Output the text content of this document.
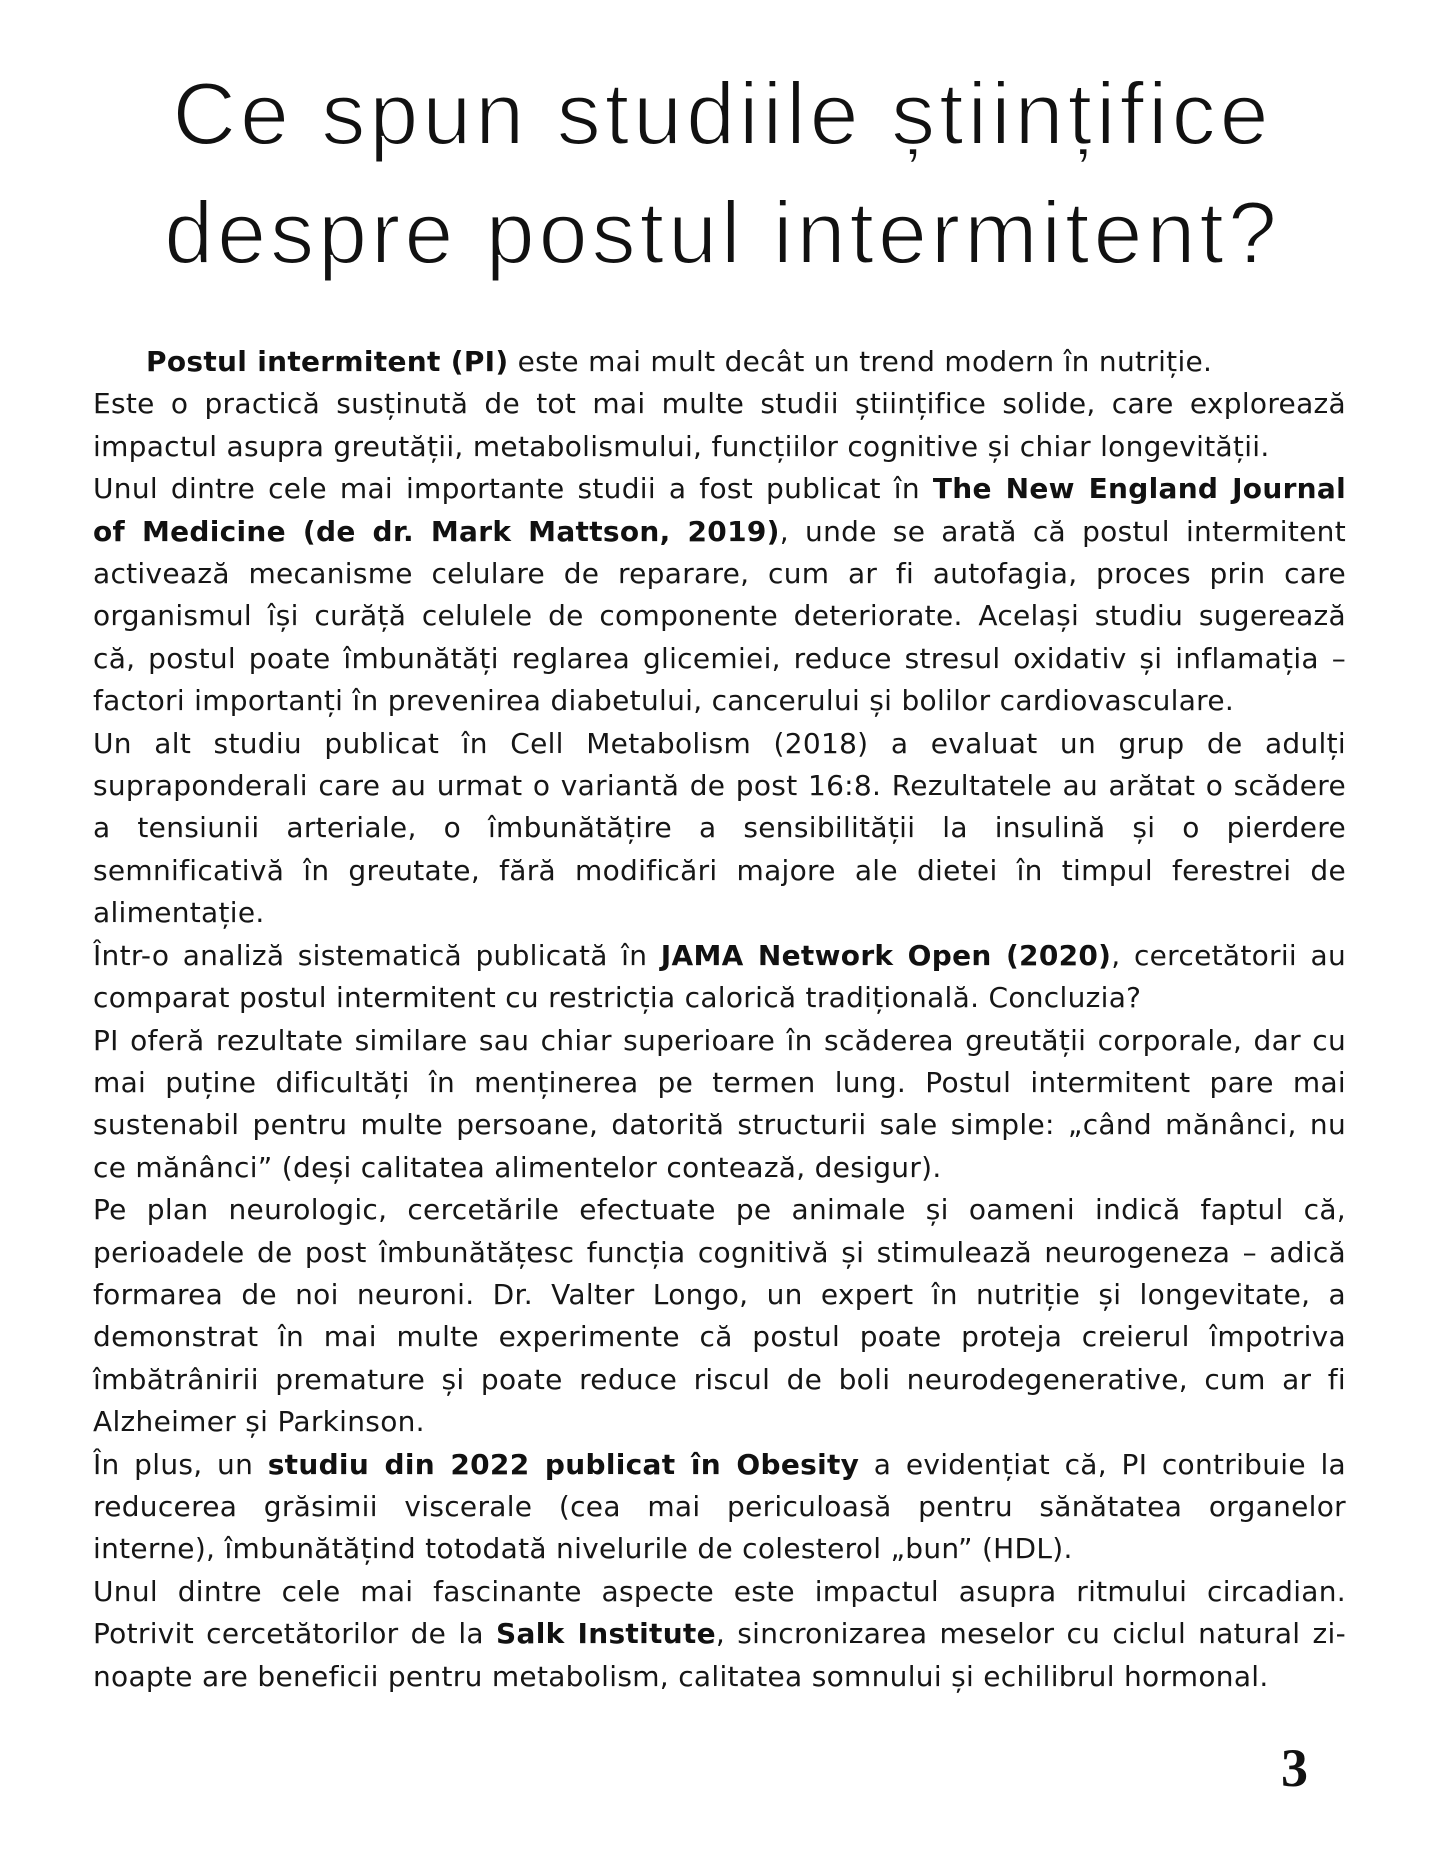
Ce spun studiile științifice
despre postul intermitent?
Postul intermitent (PI) este mai mult decât un trend modern în nutriție.
Este o practică susținută de tot mai multe studii științifice solide, care explorează
impactul asupra greutății, metabolismului, funcțiilor cognitive și chiar longevității.
Unul dintre cele mai importante studii a fost publicat în The New England Journal
of Medicine (de dr. Mark Mattson, 2019), unde se arată că postul intermitent
activează mecanisme celulare de reparare, cum ar fi autofagia, proces prin care
organismul își curăță celulele de componente deteriorate. Același studiu sugerează
că, postul poate îmbunătăți reglarea glicemiei, reduce stresul oxidativ și inflamația –
factori importanți în prevenirea diabetului, cancerului și bolilor cardiovasculare.
Un alt studiu publicat în Cell Metabolism (2018) a evaluat un grup de adulți
supraponderali care au urmat o variantă de post 16:8. Rezultatele au arătat o scădere
a tensiunii arteriale, o îmbunătățire a sensibilității la insulină și o pierdere
semnificativă în greutate, fără modificări majore ale dietei în timpul ferestrei de
alimentație.
Într-o analiză sistematică publicată în JAMA Network Open (2020), cercetătorii au
comparat postul intermitent cu restricția calorică tradițională. Concluzia?
PI oferă rezultate similare sau chiar superioare în scăderea greutății corporale, dar cu
mai puține dificultăți în menținerea pe termen lung. Postul intermitent pare mai
sustenabil pentru multe persoane, datorită structurii sale simple: „când mănânci, nu
ce mănânci” (deși calitatea alimentelor contează, desigur).
Pe plan neurologic, cercetările efectuate pe animale și oameni indică faptul că,
perioadele de post îmbunătățesc funcția cognitivă și stimulează neurogeneza – adică
formarea de noi neuroni. Dr. Valter Longo, un expert în nutriție și longevitate, a
demonstrat în mai multe experimente că postul poate proteja creierul împotriva
îmbătrânirii premature și poate reduce riscul de boli neurodegenerative, cum ar fi
Alzheimer și Parkinson.
În plus, un studiu din 2022 publicat în Obesity a evidențiat că, PI contribuie la
reducerea grăsimii viscerale (cea mai periculoasă pentru sănătatea organelor
interne), îmbunătățind totodată nivelurile de colesterol „bun” (HDL).
Unul dintre cele mai fascinante aspecte este impactul asupra ritmului circadian.
Potrivit cercetătorilor de la Salk Institute, sincronizarea meselor cu ciclul natural zi-
noapte are beneficii pentru metabolism, calitatea somnului și echilibrul hormonal.
3
